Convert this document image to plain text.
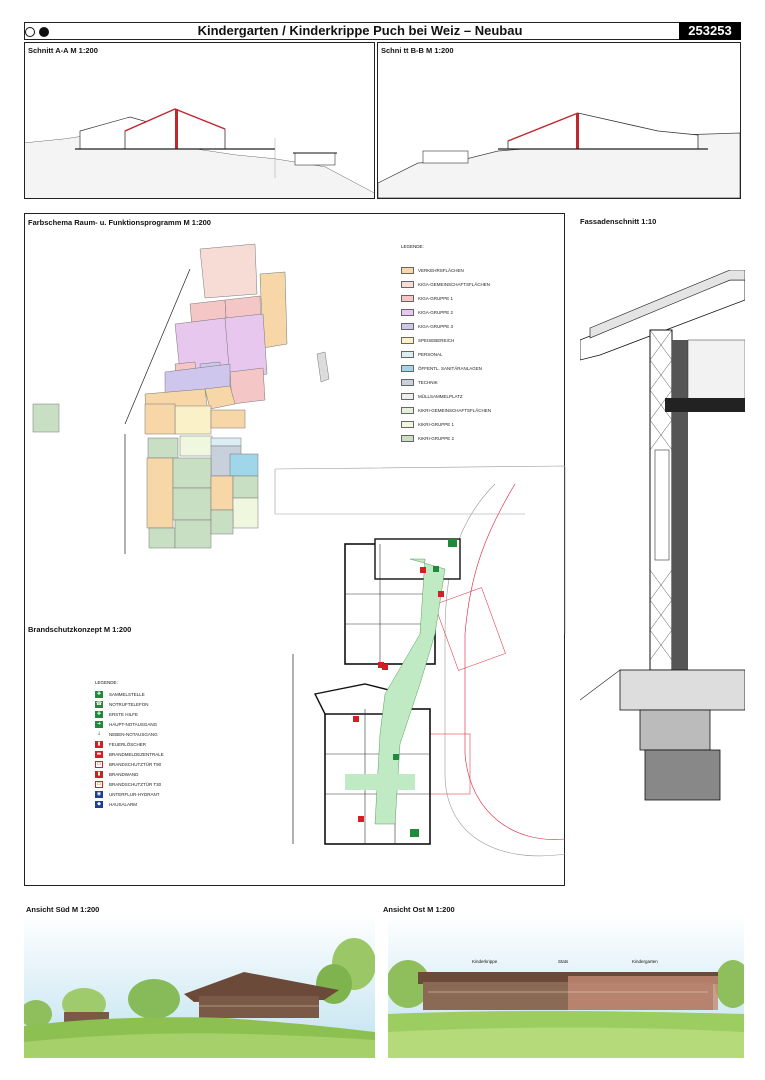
Kindergarten / Kinderkrippe Puch bei Weiz – Neubau	253253
Schnitt A-A M 1:200	Schni tt B-B M 1:200
Farbschema Raum- u. Funktionsprogramm M 1:200
LEGENDE:
VERKEHRSFLÄCHEN
KIGA-GEMEINSCHAFTSFLÄCHEN
KIGA-GRUPPE 1
KIGA-GRUPPE 2
KIGA-GRUPPE 3
SPEISEBEREICH
PERSONAL
ÖFFENTL. SANITÄRANLAGEN
TECHNIK
MÜLLSAMMELPLATZ
KIKRI-GEMEINSCHAFTSFLÄCHEN
KIKRI-GRUPPE 1
KIKRI-GRUPPE 2
Brandschutzkonzept M 1:200
LEGENDE:
✚	SAMMELSTELLE
☎ NOTRUFTELEFON
✚	ERSTE HILFE
➜	HAUPT-NOTAUSGANG
↓	NEBEN-NOTAUSGANG
▮	FEUERLÖSCHER
▬	BRANDMELDEZENTRALE
▭	BRANDSCHUTZTÜR T90
▮	BRANDWAND
▭	BRANDSCHUTZTÜR T30
◉	UNTERFLUR-HYDRANT
◆	HAUSALARM
Fassadenschnitt 1:10
Ansicht Süd M 1:200	Ansicht Ost M 1:200
Kinderkrippe	Stats	Kindergarten
